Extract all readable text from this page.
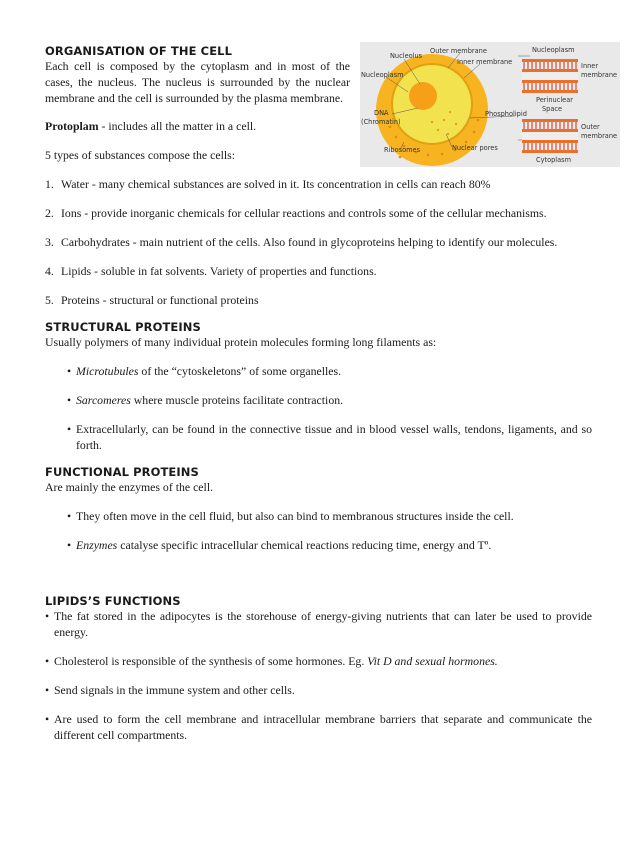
ORGANISATION OF THE CELL

Each cell is composed by the cytoplasm and in most of the cases, the nucleus. The nucleus is surrounded by the nuclear membrane and the cell is surrounded by the plasma membrane.

Nucleolus
Outer membrane
Inner membrane
Nucleoplasm
DNA
(Chromatin)
Ribosomes	Nuclear pores
Phospholipid
Nucleoplasm
Inner
membrane
Perinuclear
Space
Outer
membrane
Cytoplasm

Protoplam - includes all the matter in a cell.

5 types of substances compose the cells:

1. Water - many chemical substances are solved in it. Its concentration in cells can reach 80%
2. Ions - provide inorganic chemicals for cellular reactions and controls some of the cellular mechanisms.
3. Carbohydrates - main nutrient of the cells. Also found in glycoproteins helping to identify our molecules.
4. Lipids - soluble in fat solvents. Variety of properties and functions.
5. Proteins - structural or functional proteins
STRUCTURAL PROTEINS

Usually polymers of many individual protein molecules forming long filaments as:

• Microtubules of the “cytoskeletons” of some organelles.
• Sarcomeres where muscle proteins facilitate contraction.
• Extracellularly, can be found in the connective tissue and in blood vessel walls, tendons, ligaments, and so forth.
FUNCTIONAL PROTEINS

Are mainly the enzymes of the cell.

• They often move in the cell fluid, but also can bind to membranous structures inside the cell.
• Enzymes catalyse specific intracellular chemical reactions reducing time, energy and Tº.
LIPIDS’S FUNCTIONS
• The fat stored in the adipocytes is the storehouse of energy-giving nutrients that can later be used to provide energy.
• Cholesterol is responsible of the synthesis of some hormones. Eg. Vit D and sexual hormones.
• Send signals in the immune system and other cells.
• Are used to form the cell membrane and intracellular membrane barriers that separate and communicate the different cell compartments.
